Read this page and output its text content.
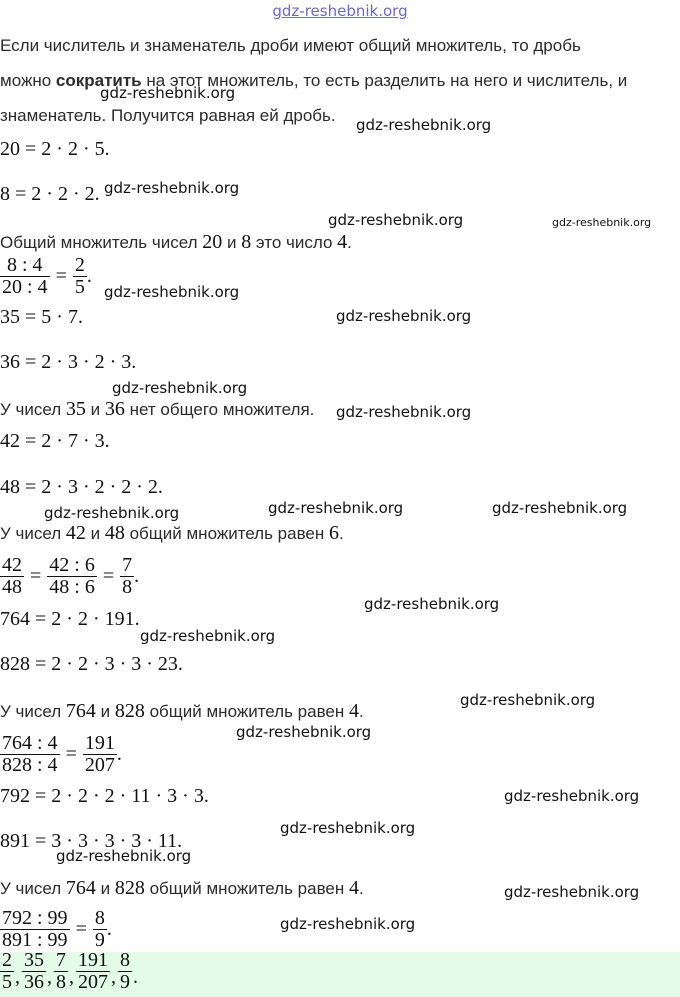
gdz-reshebnik.org
Если числитель и знаменатель дроби имеют общий множитель, то дробь
можно сократить на этот множитель, то есть разделить на него и числитель, и
знаменатель. Получится равная ей дробь.
20 = 2 · 2 · 5.
8 = 2 · 2 · 2.
Общий множитель чисел 20 и 8 это число 4.
$\frac{8 : 4}{20 : 4} = \frac{2}{5}$ .
35 = 5 · 7.
36 = 2 · 3 · 2 · 3.
У чисел 35 и 36 нет общего множителя.
42 = 2 · 7 · 3.
48 = 2 · 3 · 2 · 2 · 2.
У чисел 42 и 48 общий множитель равен 6.
$\frac{42}{48} = \frac{42 : 6}{48 : 6} = \frac{7}{8}$ .
764 = 2 · 2 · 191.
828 = 2 · 2 · 3 · 3 · 23.
У чисел 764 и 828 общий множитель равен 4.
$\frac{764 : 4}{828 : 4} = \frac{191}{207}$ .
792 = 2 · 2 · 2 · 11 · 3 · 3.
891 = 3 · 3 · 3 · 3 · 11.
У чисел 764 и 828 общий множитель равен 4.
$\frac{792 : 99}{891 : 99} = \frac{8}{9}$ .
$\frac{2}{5}$ , $\frac{35}{36}$ , $\frac{7}{8}$ , $\frac{191}{207}$ , $\frac{8}{9}$ .
gdz-reshebnik.org
gdz-reshebnik.org
gdz-reshebnik.org
gdz-reshebnik.org	gdz-reshebnik.org
gdz-reshebnik.org
gdz-reshebnik.org
gdz-reshebnik.org
gdz-reshebnik.org
gdz-reshebnik.org	gdz-reshebnik.org	gdz-reshebnik.org
gdz-reshebnik.org
gdz-reshebnik.org
gdz-reshebnik.org
gdz-reshebnik.org
gdz-reshebnik.org
gdz-reshebnik.org
gdz-reshebnik.org
gdz-reshebnik.org
gdz-reshebnik.org
